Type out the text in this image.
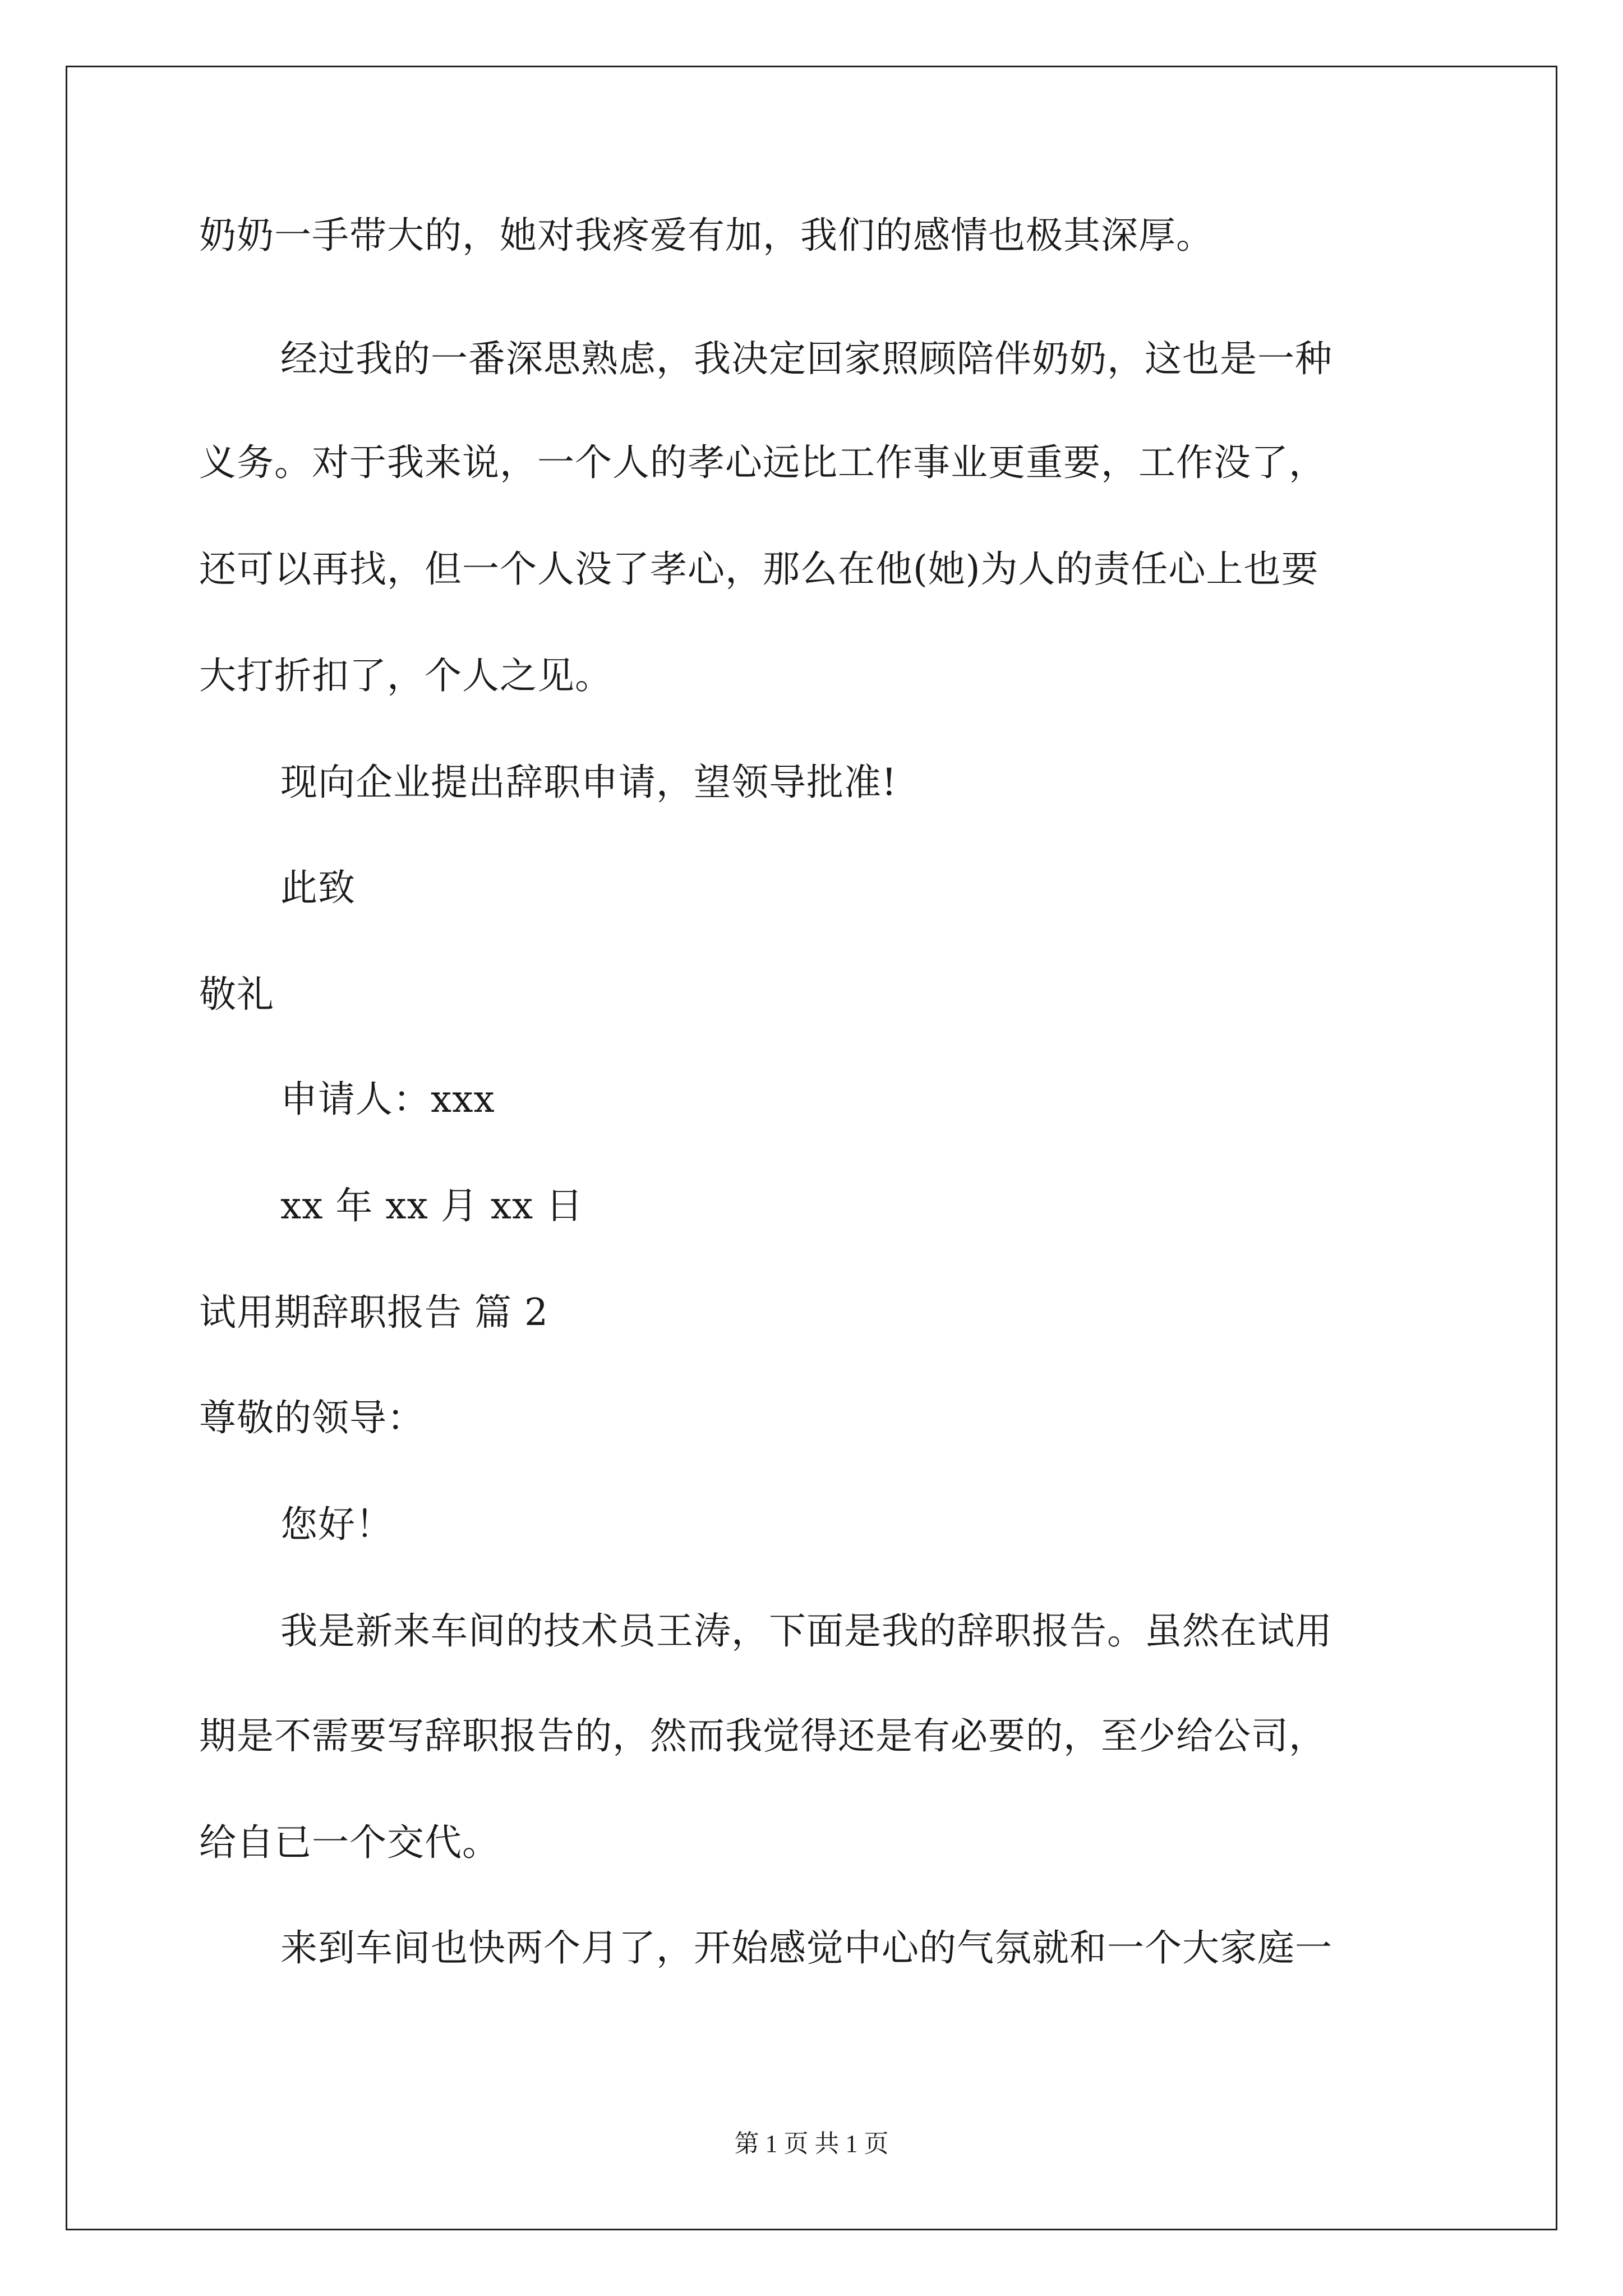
奶奶一手带大的，她对我疼爱有加，我们的感情也极其深厚。
经过我的一番深思熟虑，我决定回家照顾陪伴奶奶，这也是一种
义务。对于我来说，一个人的孝心远比工作事业更重要，工作没了，
还可以再找，但一个人没了孝心，那么在他(她)为人的责任心上也要
大打折扣了，个人之见。
现向企业提出辞职申请，望领导批准!
此致
敬礼
申请人：xxx
xx 年 xx 月 xx 日
试用期辞职报告 篇 2
尊敬的领导：
您好！
我是新来车间的技术员王涛，下面是我的辞职报告。虽然在试用
期是不需要写辞职报告的，然而我觉得还是有必要的，至少给公司，
给自已一个交代。
来到车间也快两个月了，开始感觉中心的气氛就和一个大家庭一
第 1 页 共 1 页
